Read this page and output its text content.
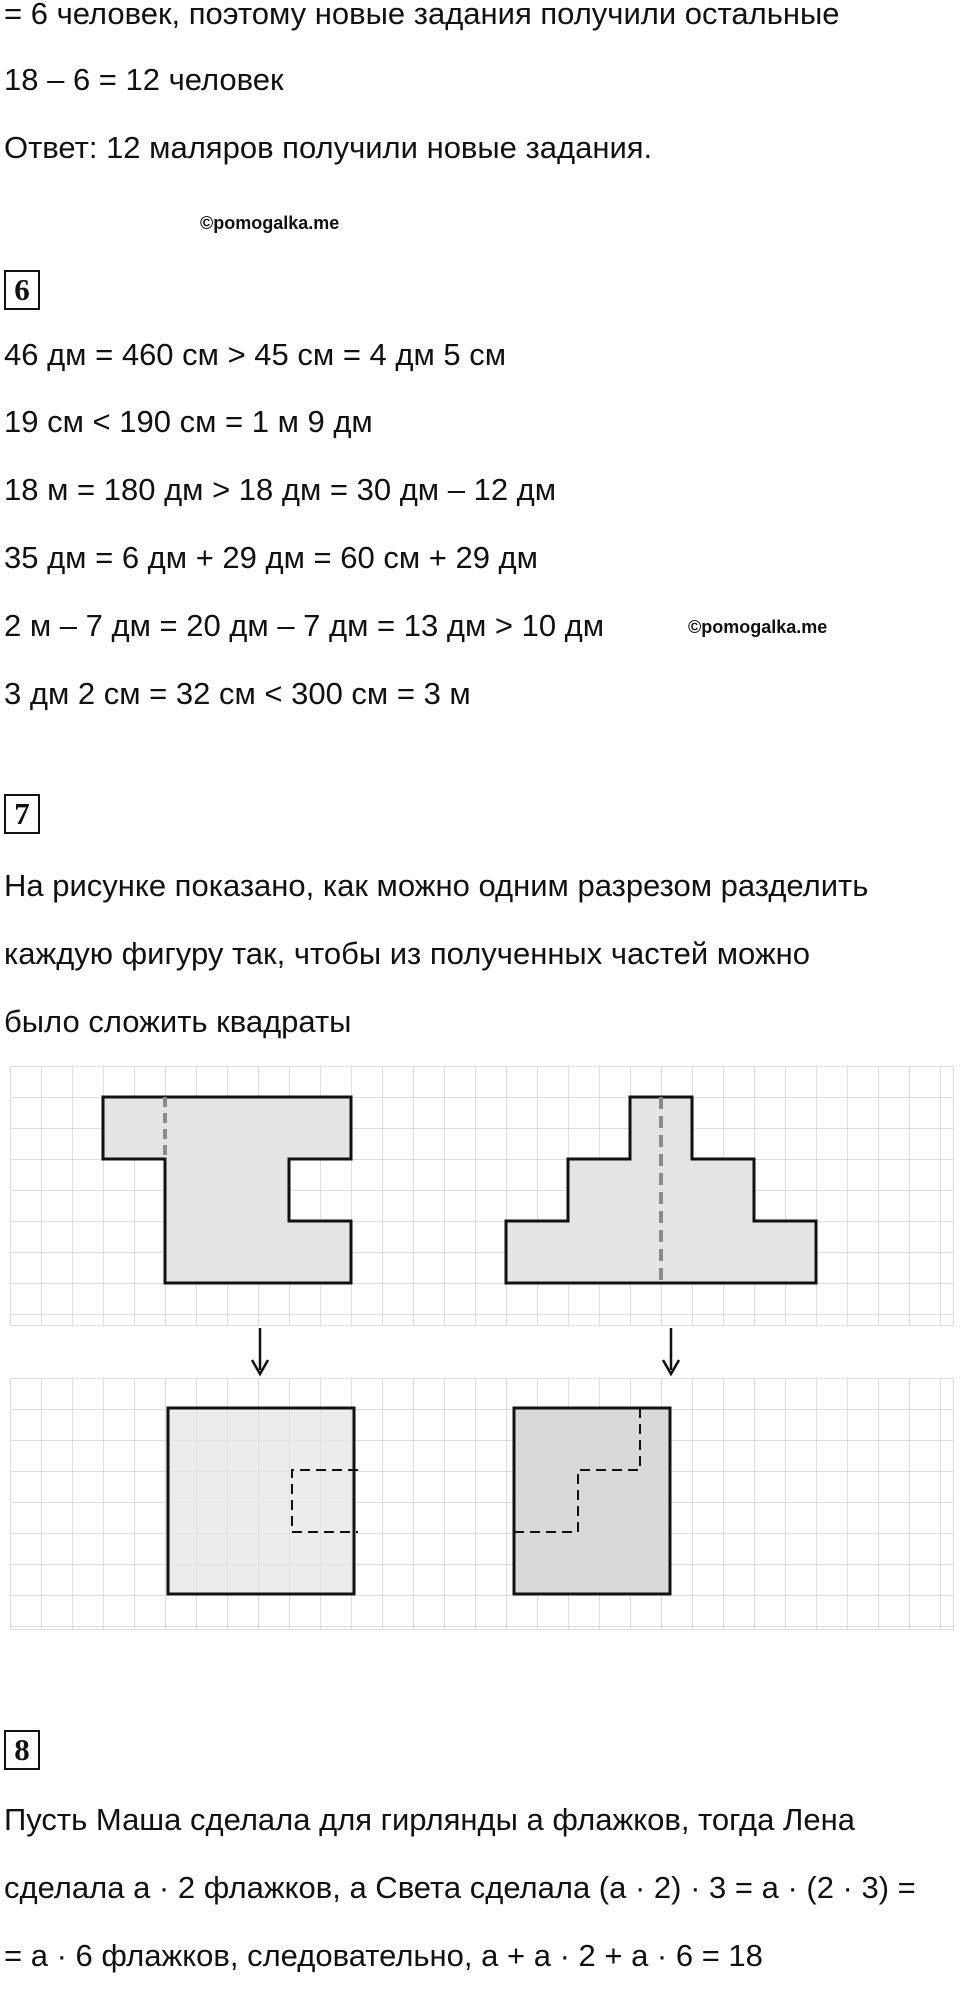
= 6 человек, поэтому новые задания получили остальные
18 – 6 = 12 человек
Ответ: 12 маляров получили новые задания.
©pomogalka.me
6
46 дм = 460 см > 45 см = 4 дм 5 см
19 см < 190 см = 1 м 9 дм
18 м = 180 дм > 18 дм = 30 дм – 12 дм
35 дм = 6 дм + 29 дм = 60 см + 29 дм
2 м – 7 дм = 20 дм – 7 дм = 13 дм > 10 дм	©pomogalka.me
3 дм 2 см = 32 см < 300 см = 3 м
7
На рисунке показано, как можно одним разрезом разделить
каждую фигуру так, чтобы из полученных частей можно
было сложить квадраты
8
Пусть Маша сделала для гирлянды а флажков, тогда Лена
сделала а · 2 флажков, а Света сделала (а · 2) · 3 = а · (2 · 3) =
= а · 6 флажков, следовательно, а + а · 2 + а · 6 = 18
